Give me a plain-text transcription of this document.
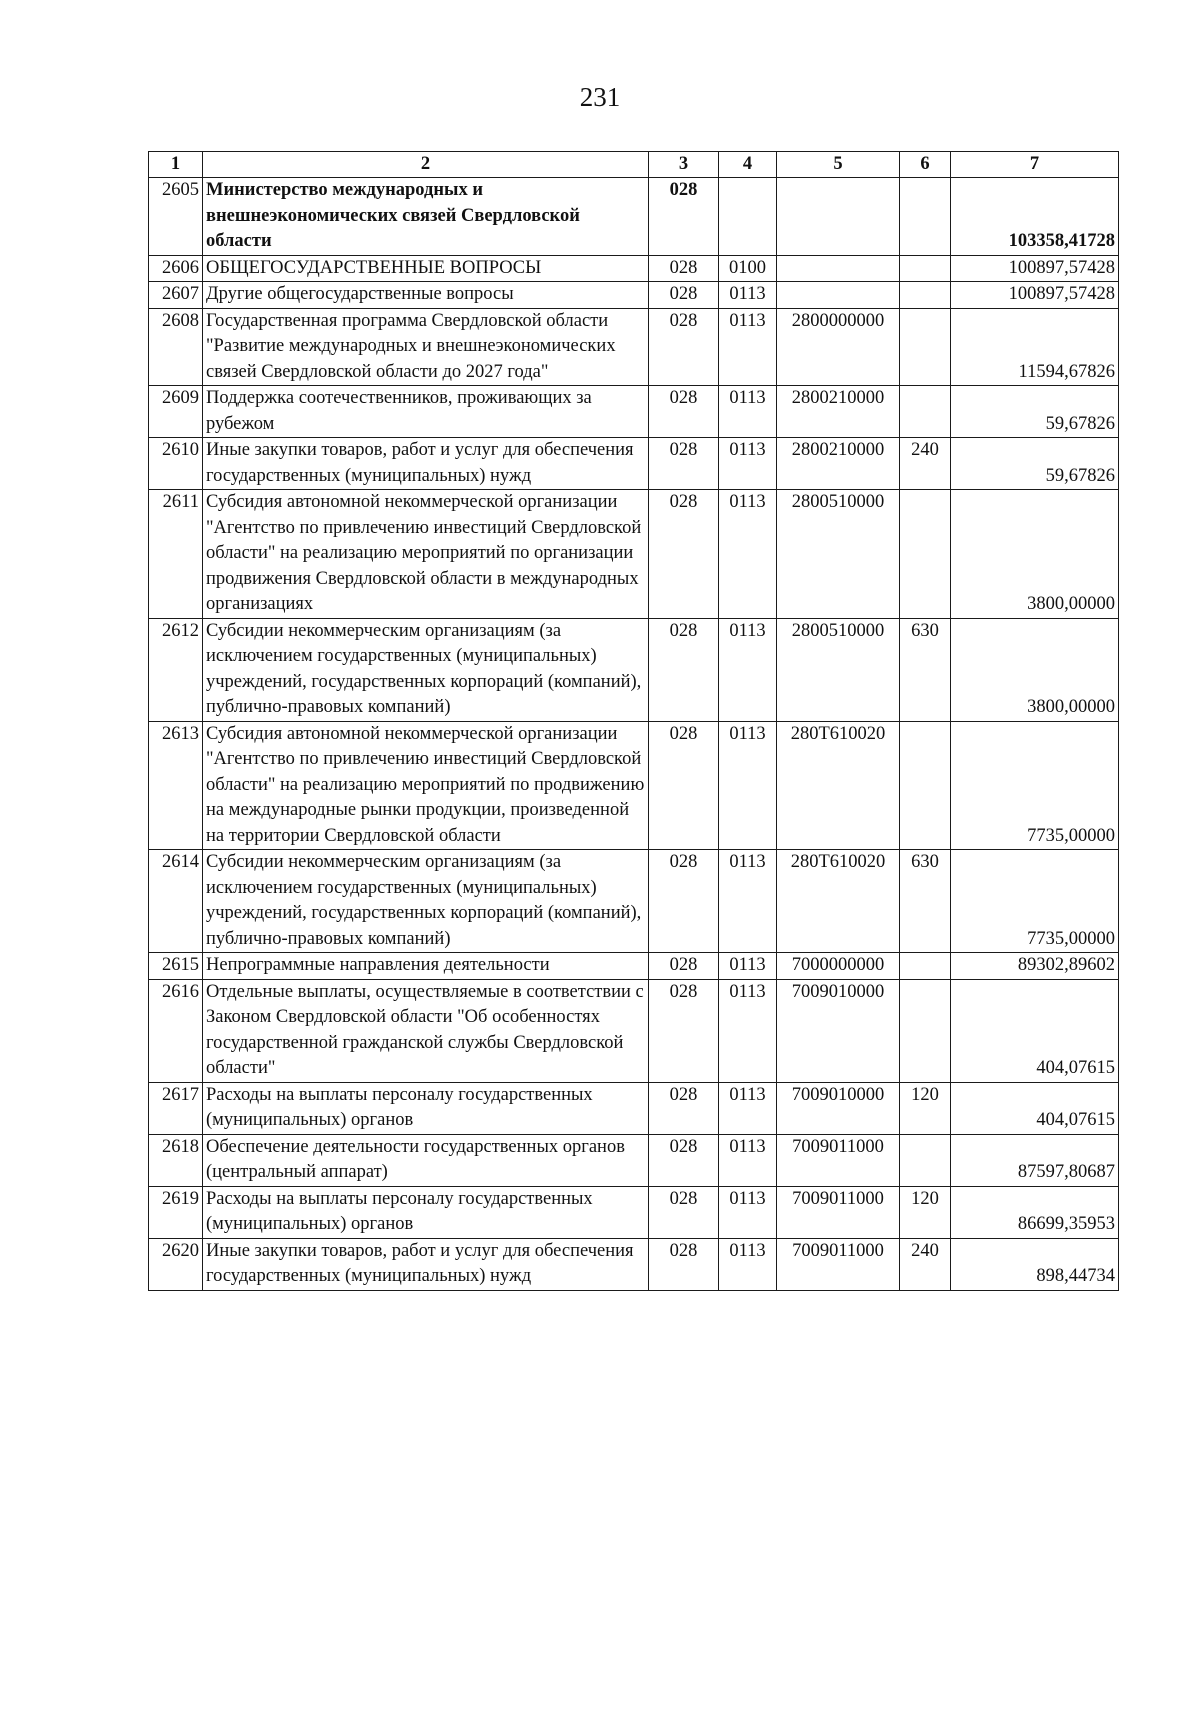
231
1	2	3	4	5	6	7
2605	Министерство международных и внешнеэкономических связей Свердловской области	028				103358,41728
2606	ОБЩЕГОСУДАРСТВЕННЫЕ ВОПРОСЫ	028	0100			100897,57428
2607	Другие общегосударственные вопросы	028	0113			100897,57428
2608	Государственная программа Свердловской области "Развитие международных и внешнеэкономических связей Свердловской области до 2027 года"	028	0113	2800000000		11594,67826
2609	Поддержка соотечественников, проживающих за рубежом	028	0113	2800210000		59,67826
2610	Иные закупки товаров, работ и услуг для обеспечения государственных (муниципальных) нужд	028	0113	2800210000	240	59,67826
2611	Субсидия автономной некоммерческой организации "Агентство по привлечению инвестиций Свердловской области" на реализацию мероприятий по организации продвижения Свердловской области в международных организациях	028	0113	2800510000		3800,00000
2612	Субсидии некоммерческим организациям (за исключением государственных (муниципальных) учреждений, государственных корпораций (компаний), публично-правовых компаний)	028	0113	2800510000	630	3800,00000
2613	Субсидия автономной некоммерческой организации "Агентство по привлечению инвестиций Свердловской области" на реализацию мероприятий по продвижению на международные рынки продукции, произведенной на территории Свердловской области	028	0113	280T610020		7735,00000
2614	Субсидии некоммерческим организациям (за исключением государственных (муниципальных) учреждений, государственных корпораций (компаний), публично-правовых компаний)	028	0113	280T610020	630	7735,00000
2615	Непрограммные направления деятельности	028	0113	7000000000		89302,89602
2616	Отдельные выплаты, осуществляемые в соответствии с Законом Свердловской области "Об особенностях государственной гражданской службы Свердловской области"	028	0113	7009010000		404,07615
2617	Расходы на выплаты персоналу государственных (муниципальных) органов	028	0113	7009010000	120	404,07615
2618	Обеспечение деятельности государственных органов (центральный аппарат)	028	0113	7009011000		87597,80687
2619	Расходы на выплаты персоналу государственных (муниципальных) органов	028	0113	7009011000	120	86699,35953
2620	Иные закупки товаров, работ и услуг для обеспечения государственных (муниципальных) нужд	028	0113	7009011000	240	898,44734
